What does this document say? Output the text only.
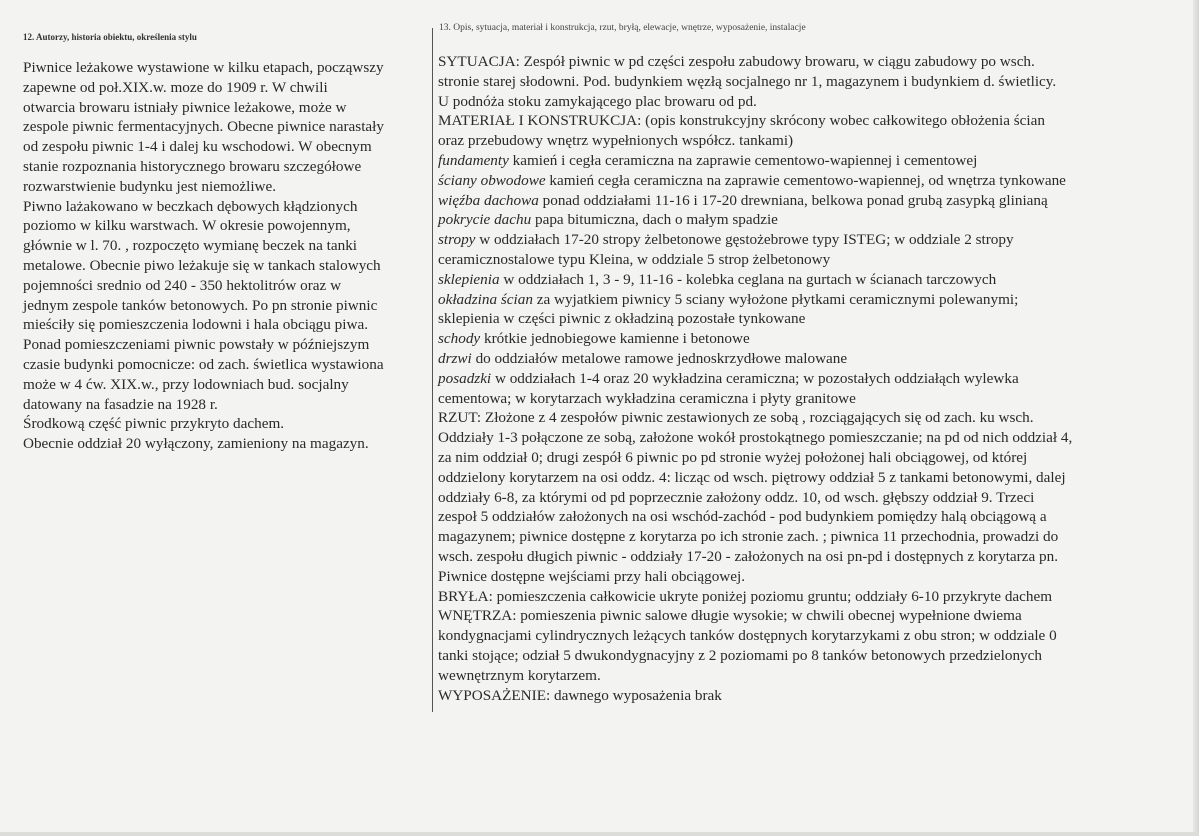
12. Autorzy, historia obiektu, określenia stylu
13. Opis, sytuacja, materiał i konstrukcja, rzut, bryłą, elewacje, wnętrze, wyposażenie, instalacje
Piwnice leżakowe wystawione w kilku etapach, począwszy
zapewne od poł.XIX.w. moze do 1909 r. W chwili
otwarcia browaru istniały piwnice leżakowe, może w
zespole piwnic fermentacyjnych. Obecne piwnice narastały
od zespołu piwnic 1-4 i dalej ku wschodowi. W obecnym
stanie rozpoznania historycznego browaru szczegółowe
rozwarstwienie budynku jest niemożliwe.
Piwno lażakowano w beczkach dębowych kłądzionych
poziomo w kilku warstwach. W okresie powojennym,
głównie w l. 70. , rozpoczęto wymianę beczek na tanki
metalowe. Obecnie piwo leżakuje się w tankach stalowych
pojemności srednio od 240 - 350 hektolitrów oraz w
jednym zespole tanków betonowych. Po pn stronie piwnic
mieściły się pomieszczenia lodowni i hala obciągu piwa.
Ponad pomieszczeniami piwnic powstały w późniejszym
czasie budynki pomocnicze: od zach. świetlica wystawiona
może w 4 ćw. XIX.w., przy lodowniach bud. socjalny
datowany na fasadzie na 1928 r.
Środkową część piwnic przykryto dachem.
Obecnie oddział 20 wyłączony, zamieniony na magazyn.
SYTUACJA: Zespół piwnic w pd części zespołu zabudowy browaru, w ciągu zabudowy po wsch.
stronie starej słodowni. Pod. budynkiem węzłą socjalnego nr 1, magazynem i budynkiem d. świetlicy.
U podnóża stoku zamykającego plac browaru od pd.
MATERIAŁ I KONSTRUKCJA: (opis konstrukcyjny skrócony wobec całkowitego obłożenia ścian
oraz przebudowy wnętrz wypełnionych współcz. tankami)
fundamenty kamień i cegła ceramiczna na zaprawie cementowo-wapiennej i cementowej
ściany obwodowe kamień cegła ceramiczna na zaprawie cementowo-wapiennej, od wnętrza tynkowane
więźba dachowa ponad oddziałami 11-16 i 17-20 drewniana, belkowa ponad grubą zasypką glinianą
pokrycie dachu papa bitumiczna, dach o małym spadzie
stropy w oddziałach 17-20 stropy żelbetonowe gęstożebrowe typy ISTEG; w oddziale 2 stropy
ceramicznostalowe typu Kleina, w oddziale 5 strop żelbetonowy
sklepienia w oddziałach 1, 3 - 9, 11-16 - kolebka ceglana na gurtach w ścianach tarczowych
okładzina ścian za wyjatkiem piwnicy 5 sciany wyłożone płytkami ceramicznymi polewanymi;
sklepienia w części piwnic z okładziną pozostałe tynkowane
schody krótkie jednobiegowe kamienne i betonowe
drzwi do oddziałów metalowe ramowe jednoskrzydłowe malowane
posadzki w oddziałach 1-4 oraz 20 wykładzina ceramiczna; w pozostałych oddziałąch wylewka
cementowa; w korytarzach wykładzina ceramiczna i płyty granitowe
RZUT: Złożone z 4 zespołów piwnic zestawionych ze sobą , rozciągających się od zach. ku wsch.
Oddziały 1-3 połączone ze sobą, założone wokół prostokątnego pomieszczanie; na pd od nich oddział 4,
za nim oddział 0; drugi zespół 6 piwnic po pd stronie wyżej położonej hali obciągowej, od której
oddzielony korytarzem na osi oddz. 4: licząc od wsch. piętrowy oddział 5 z tankami betonowymi, dalej
oddziały 6-8, za którymi od pd poprzecznie założony oddz. 10, od wsch. głębszy oddział 9. Trzeci
zespoł 5 oddziałów założonych na osi wschód-zachód - pod budynkiem pomiędzy halą obciągową a
magazynem; piwnice dostępne z korytarza po ich stronie zach. ; piwnica 11 przechodnia, prowadzi do
wsch. zespołu długich piwnic - oddziały 17-20 - założonych na osi pn-pd i dostępnych z korytarza pn.
Piwnice dostępne wejściami przy hali obciągowej.
BRYŁA: pomieszczenia całkowicie ukryte poniżej poziomu gruntu; oddziały 6-10 przykryte dachem
WNĘTRZA: pomieszenia piwnic salowe długie wysokie; w chwili obecnej wypełnione dwiema
kondygnacjami cylindrycznych leżących tanków dostępnych korytarzykami z obu stron; w oddziale 0
tanki stojące; odział 5 dwukondygnacyjny z 2 poziomami po 8 tanków betonowych przedzielonych
wewnętrznym korytarzem.
WYPOSAŻENIE: dawnego wyposażenia brak
